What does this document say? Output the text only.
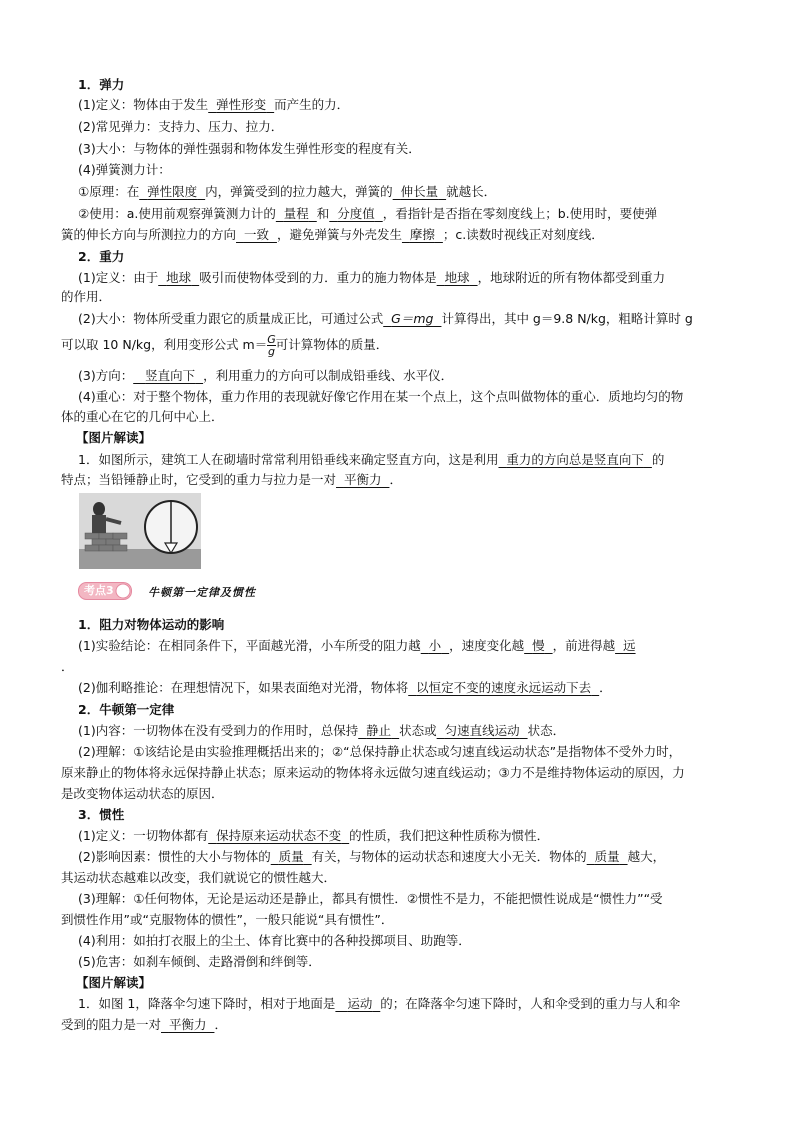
1．弹力
(1)定义：物体由于发生 弹性形变 而产生的力．
(2)常见弹力：支持力、压力、拉力．
(3)大小：与物体的弹性强弱和物体发生弹性形变的程度有关．
(4)弹簧测力计：
①原理：在 弹性限度 内，弹簧受到的拉力越大，弹簧的 伸长量 就越长．
②使用：a.使用前观察弹簧测力计的 量程 和 分度值 ，看指针是否指在零刻度线上；b.使用时，要使弹
簧的伸长方向与所测拉力的方向 一致 ，避免弹簧与外壳发生 摩擦 ；c.读数时视线正对刻度线．
2．重力
(1)定义：由于 地球 吸引而使物体受到的力．重力的施力物体是 地球 ，地球附近的所有物体都受到重力
的作用．
(2)大小：物体所受重力跟它的质量成正比，可通过公式 G＝mg 计算得出，其中 g＝9.8 N/kg，粗略计算时 g
可以取 10 N/kg，利用变形公式 $m= \frac{G}{g}$ 可计算物体的质量．
(3)方向： 竖直向下 ，利用重力的方向可以制成铅垂线、水平仪．
(4)重心：对于整个物体，重力作用的表现就好像它作用在某一个点上，这个点叫做物体的重心．质地均匀的物
体的重心在它的几何中心上．
【图片解读】
1．如图所示，建筑工人在砌墙时常常利用铅垂线来确定竖直方向，这是利用 重力的方向总是竖直向下 的
特点；当铅锤静止时，它受到的重力与拉力是一对 平衡力 ．
考点3	牛顿第一定律及惯性
1．阻力对物体运动的影响
(1)实验结论：在相同条件下，平面越光滑，小车所受的阻力越 小 ，速度变化越 慢 ，前进得越 远
．
(2)伽利略推论：在理想情况下，如果表面绝对光滑，物体将 以恒定不变的速度永远运动下去 ．
2．牛顿第一定律
(1)内容：一切物体在没有受到力的作用时，总保持 静止 状态或 匀速直线运动 状态．
(2)理解：①该结论是由实验推理概括出来的；②“总保持静止状态或匀速直线运动状态”是指物体不受外力时，
原来静止的物体将永远保持静止状态；原来运动的物体将永远做匀速直线运动；③力不是维持物体运动的原因，力
是改变物体运动状态的原因．
3．惯性
(1)定义：一切物体都有 保持原来运动状态不变 的性质，我们把这种性质称为惯性．
(2)影响因素：惯性的大小与物体的 质量 有关，与物体的运动状态和速度大小无关．物体的 质量 越大，
其运动状态越难以改变，我们就说它的惯性越大．
(3)理解：①任何物体，无论是运动还是静止，都具有惯性．②惯性不是力，不能把惯性说成是“惯性力”“受
到惯性作用”或“克服物体的惯性”，一般只能说“具有惯性”．
(4)利用：如拍打衣服上的尘土、体育比赛中的各种投掷项目、助跑等．
(5)危害：如刹车倾倒、走路滑倒和绊倒等．
【图片解读】
1．如图 1，降落伞匀速下降时，相对于地面是 运动 的；在降落伞匀速下降时，人和伞受到的重力与人和伞
受到的阻力是一对 平衡力 ．
